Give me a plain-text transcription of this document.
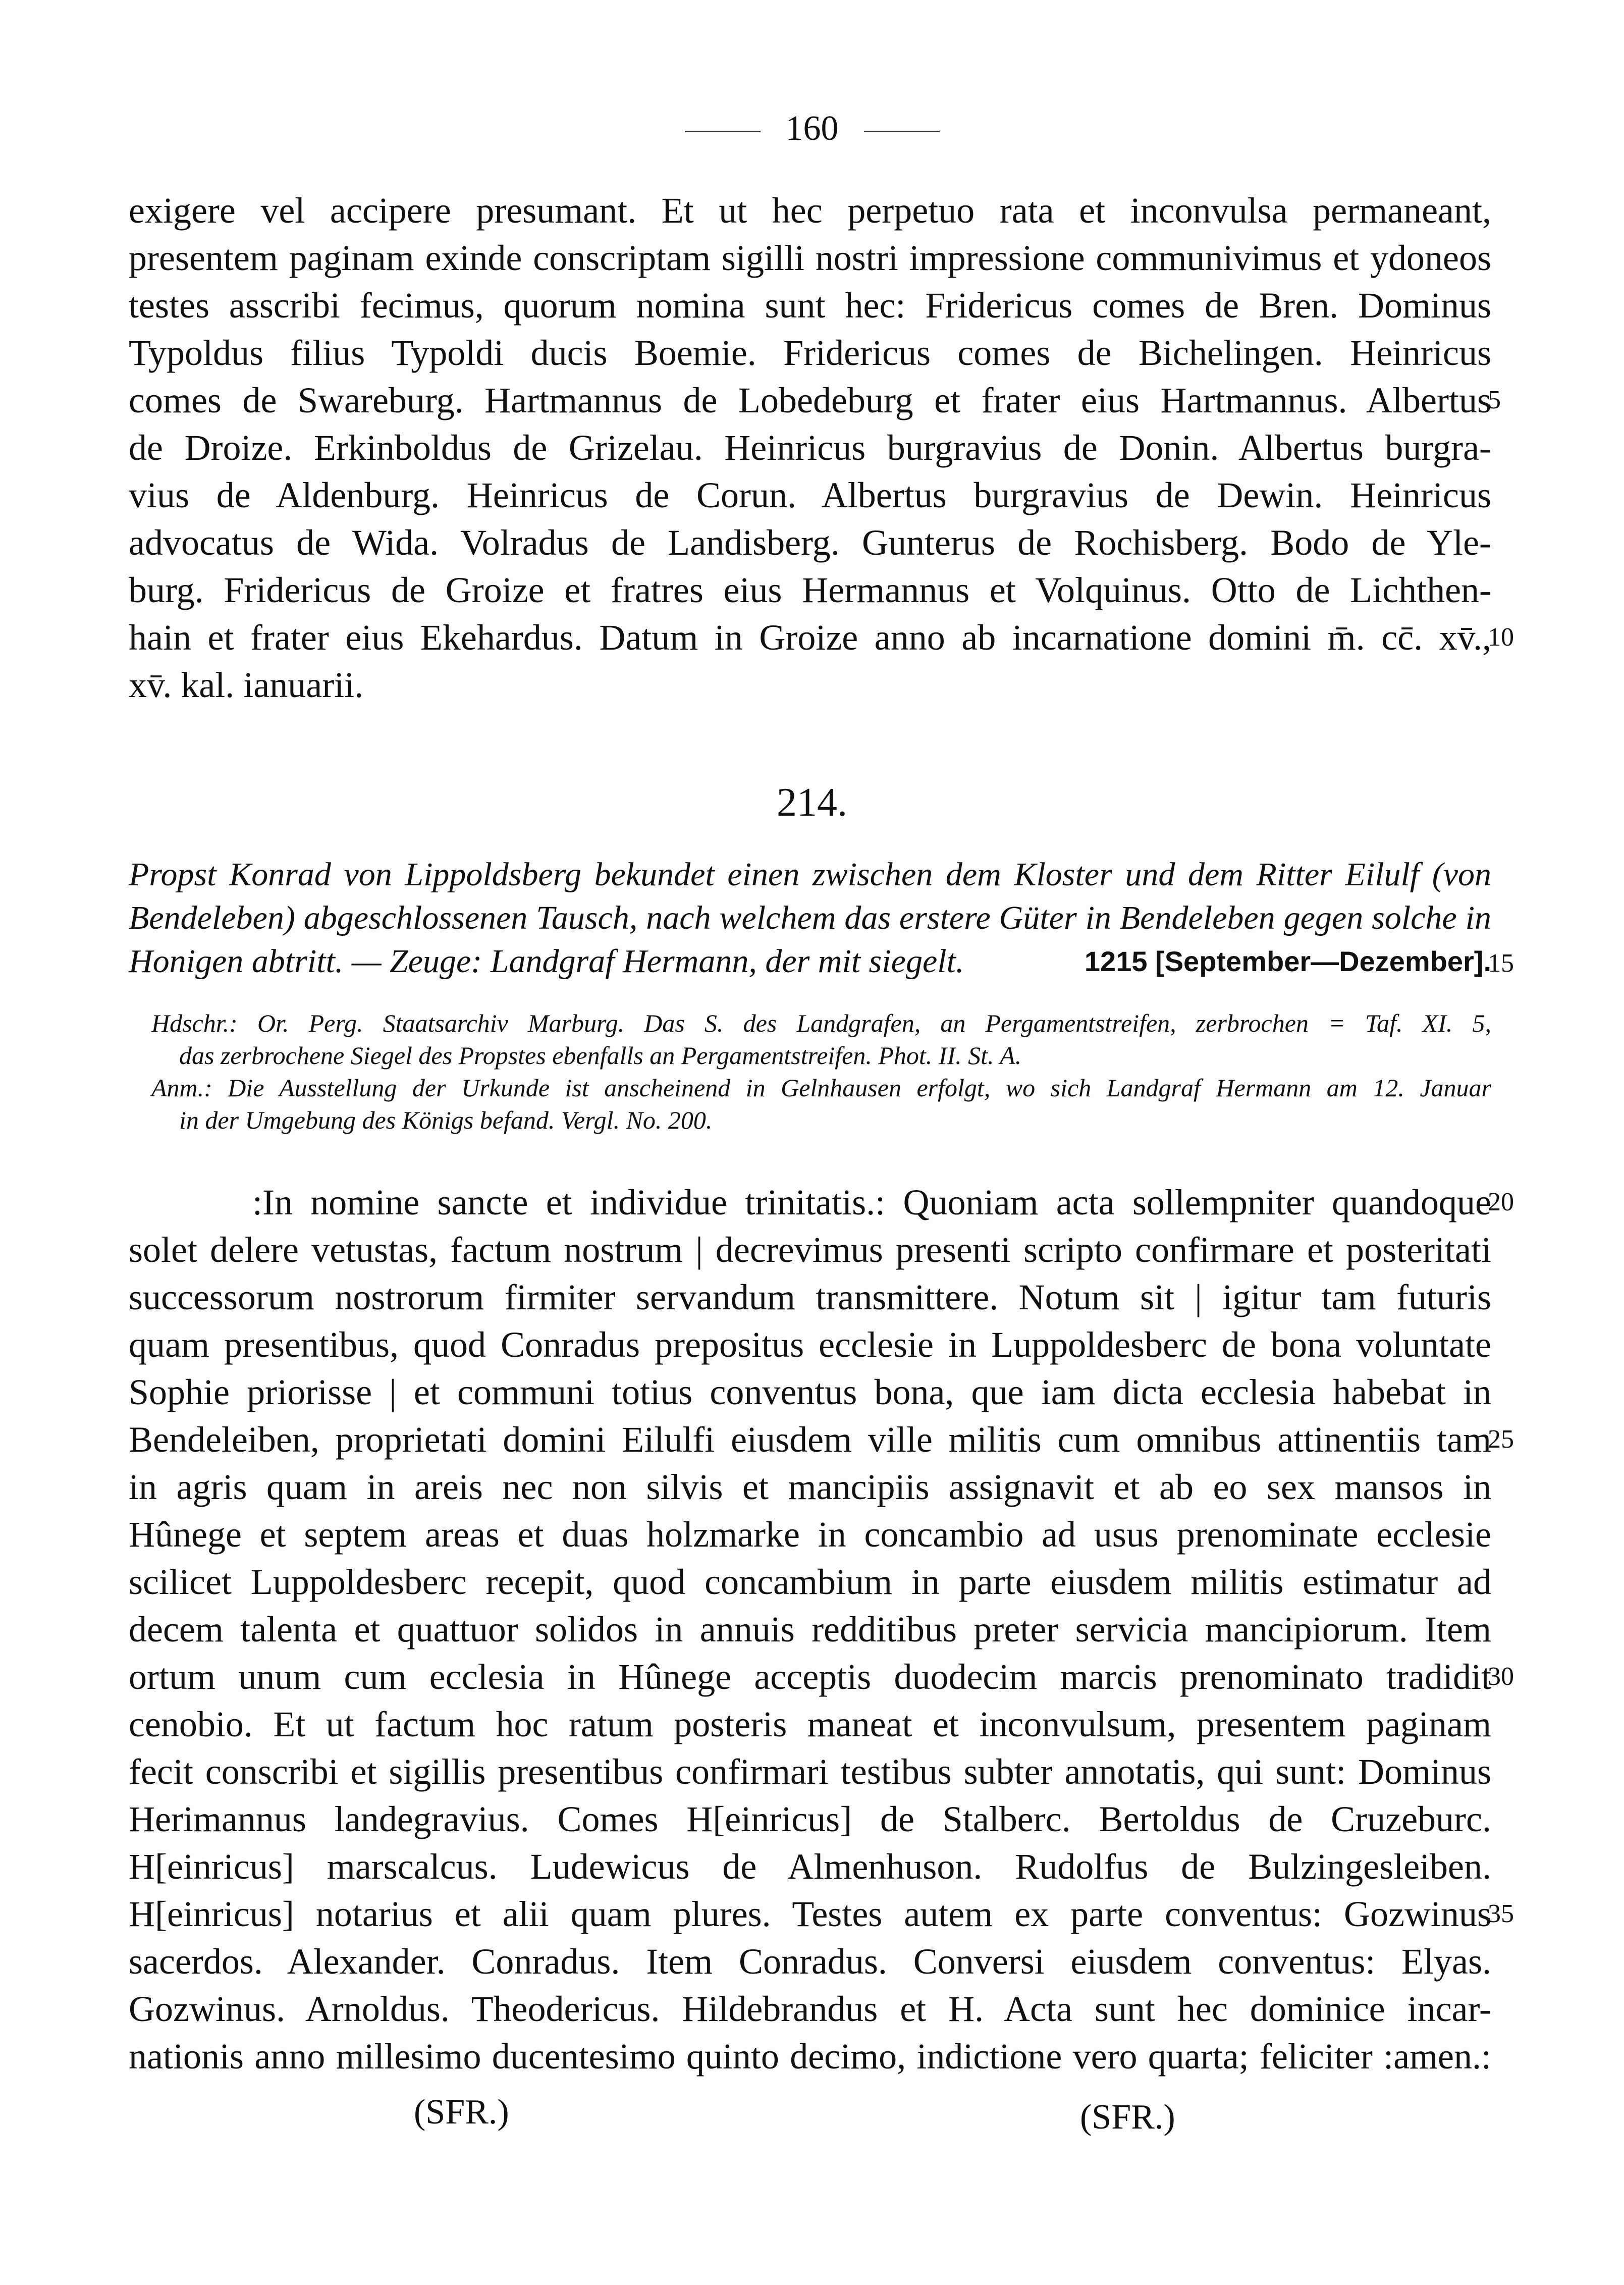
160
exigere vel accipere presumant. Et ut hec perpetuo rata et inconvulsa permaneant,
presentem paginam exinde conscriptam sigilli nostri impressione communivimus et ydoneos
testes asscribi fecimus, quorum nomina sunt hec: Fridericus comes de Bren. Dominus
Typoldus filius Typoldi ducis Boemie. Fridericus comes de Bichelingen. Heinricus
comes de Swareburg. Hartmannus de Lobedeburg et frater eius Hartmannus. Albertus
de Droize. Erkinboldus de Grizelau. Heinricus burgravius de Donin. Albertus burgra-
vius de Aldenburg. Heinricus de Corun. Albertus burgravius de Dewin. Heinricus
advocatus de Wida. Volradus de Landisberg. Gunterus de Rochisberg. Bodo de Yle-
burg. Fridericus de Groize et fratres eius Hermannus et Volquinus. Otto de Lichthen-
hain et frater eius Ekehardus. Datum in Groize anno ab incarnatione domini m̄. cc̄. xv̄.,
xv̄. kal. ianuarii.
5
10
214.
Propst Konrad von Lippoldsberg bekundet einen zwischen dem Kloster und dem Ritter Eilulf (von
Bendeleben) abgeschlossenen Tausch, nach welchem das erstere Güter in Bendeleben gegen solche in
Honigen abtritt. — Zeuge: Landgraf Hermann, der mit siegelt.	1215 [September—Dezember].
15
Hdschr.: Or. Perg. Staatsarchiv Marburg. Das S. des Landgrafen, an Pergamentstreifen, zerbrochen = Taf. XI. 5,
das zerbrochene Siegel des Propstes ebenfalls an Pergamentstreifen. Phot. II. St. A.
Anm.: Die Ausstellung der Urkunde ist anscheinend in Gelnhausen erfolgt, wo sich Landgraf Hermann am 12. Januar
in der Umgebung des Königs befand. Vergl. No. 200.
:In nomine sancte et individue trinitatis.: Quoniam acta sollempniter quandoque
solet delere vetustas, factum nostrum | decrevimus presenti scripto confirmare et posteritati
successorum nostrorum firmiter servandum transmittere. Notum sit | igitur tam futuris
quam presentibus, quod Conradus prepositus ecclesie in Luppoldesberc de bona voluntate
Sophie priorisse | et communi totius conventus bona, que iam dicta ecclesia habebat in
Bendeleiben, proprietati domini Eilulfi eiusdem ville militis cum omnibus attinentiis tam
in agris quam in areis nec non silvis et mancipiis assignavit et ab eo sex mansos in
Hûnege et septem areas et duas holzmarke in concambio ad usus prenominate ecclesie
scilicet Luppoldesberc recepit, quod concambium in parte eiusdem militis estimatur ad
decem talenta et quattuor solidos in annuis redditibus preter servicia mancipiorum. Item
ortum unum cum ecclesia in Hûnege acceptis duodecim marcis prenominato tradidit
cenobio. Et ut factum hoc ratum posteris maneat et inconvulsum, presentem paginam
fecit conscribi et sigillis presentibus confirmari testibus subter annotatis, qui sunt: Dominus
Herimannus landegravius. Comes H[einricus] de Stalberc. Bertoldus de Cruzeburc.
H[einricus] marscalcus. Ludewicus de Almenhuson. Rudolfus de Bulzingesleiben.
H[einricus] notarius et alii quam plures. Testes autem ex parte conventus: Gozwinus
sacerdos. Alexander. Conradus. Item Conradus. Conversi eiusdem conventus: Elyas.
Gozwinus. Arnoldus. Theodericus. Hildebrandus et H. Acta sunt hec dominice incar-
nationis anno millesimo ducentesimo quinto decimo, indictione vero quarta; feliciter :amen.:
20
25
30
35
(SFR.)	(SFR.)
